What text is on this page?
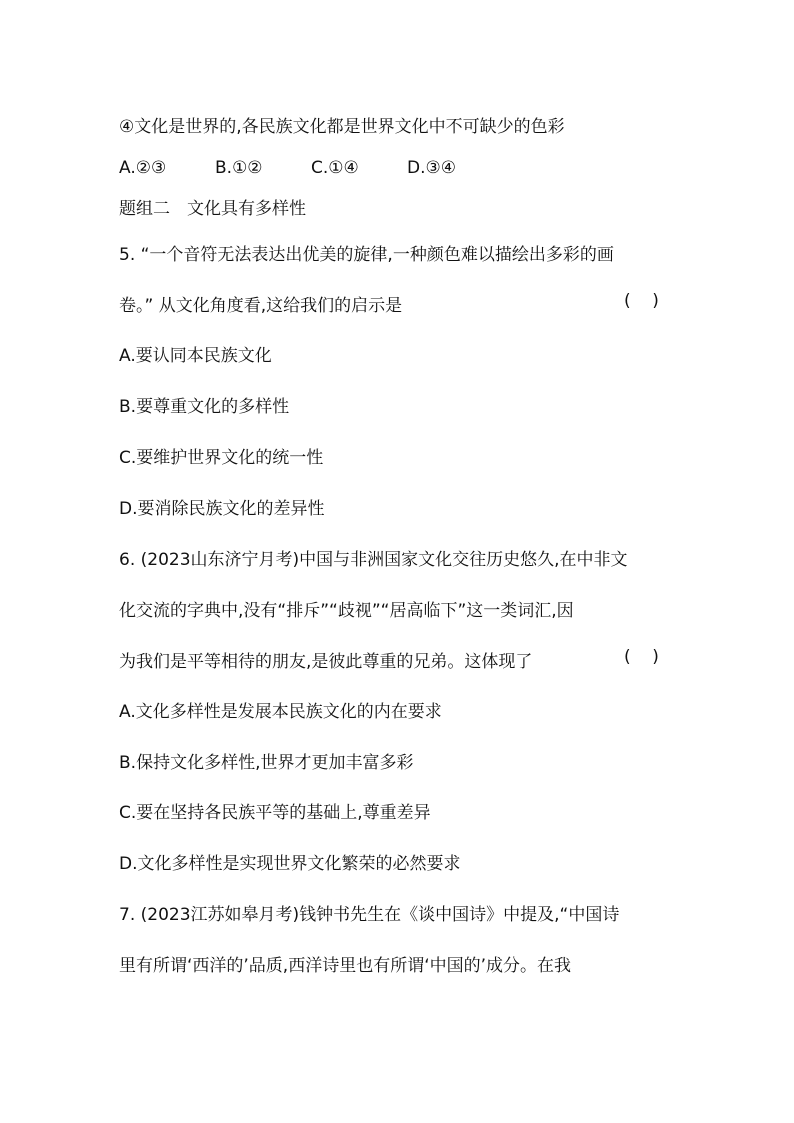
④文化是世界的,各民族文化都是世界文化中不可缺少的色彩
A.②③	B.①②	C.①④	D.③④
题组二　文化具有多样性
5. “一个音符无法表达出优美的旋律,一种颜色难以描绘出多彩的画
卷。” 从文化角度看,这给我们的启示是	(    )
A.要认同本民族文化
B.要尊重文化的多样性
C.要维护世界文化的统一性
D.要消除民族文化的差异性
6. (2023山东济宁月考)中国与非洲国家文化交往历史悠久,在中非文
化交流的字典中,没有“排斥”“歧视”“居高临下”这一类词汇,因
为我们是平等相待的朋友,是彼此尊重的兄弟。这体现了	(    )
A.文化多样性是发展本民族文化的内在要求
B.保持文化多样性,世界才更加丰富多彩
C.要在坚持各民族平等的基础上,尊重差异
D.文化多样性是实现世界文化繁荣的必然要求
7. (2023江苏如皋月考)钱钟书先生在《谈中国诗》中提及,“中国诗
里有所谓‘西洋的’品质,西洋诗里也有所谓‘中国的’成分。在我
